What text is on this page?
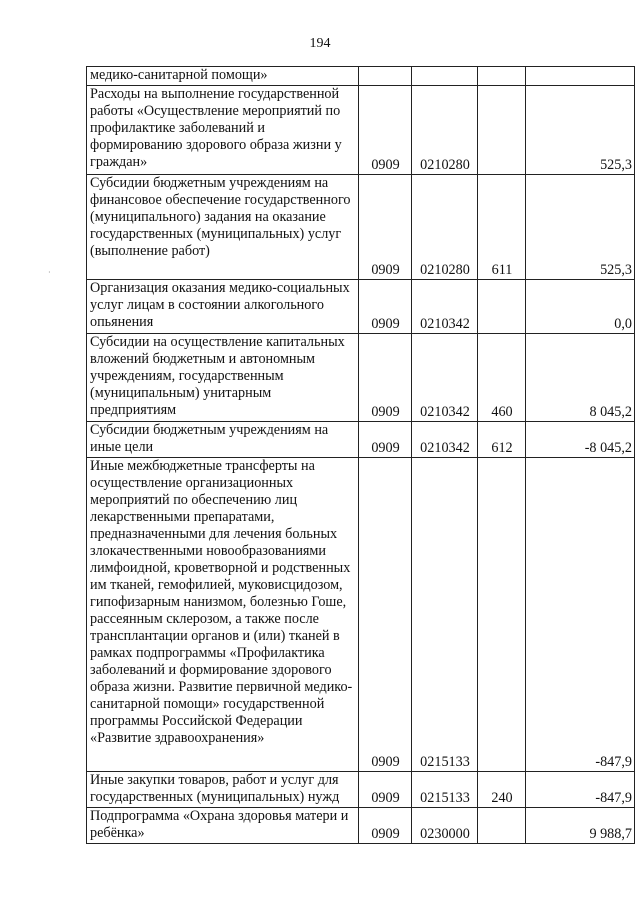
194
·
медико-санитарной помощи»				
Расходы на выполнение государственной работы «Осуществление мероприятий по профилактике заболеваний и формированию здорового образа жизни у граждан»	0909	0210280		525,3
Субсидии бюджетным учреждениям на финансовое обеспечение государственного (муниципального) задания на оказание государственных (муниципальных) услуг (выполнение работ)	0909	0210280	611	525,3
Организация оказания медико-социальных услуг лицам в состоянии алкогольного опьянения	0909	0210342		0,0
Субсидии на осуществление капитальных вложений бюджетным и автономным учреждениям, государственным (муниципальным) унитарным предприятиям	0909	0210342	460	8 045,2
Субсидии бюджетным учреждениям на иные цели	0909	0210342	612	-8 045,2
Иные межбюджетные трансферты на осуществление организационных мероприятий по обеспечению лиц лекарственными препаратами, предназначенными для лечения больных злокачественными новообразованиями лимфоидной, кроветворной и родственных им тканей, гемофилией, муковисцидозом, гипофизарным нанизмом, болезнью Гоше, рассеянным склерозом, а также после трансплантации органов и (или) тканей в рамках подпрограммы «Профилактика заболеваний и формирование здорового образа жизни. Развитие первичной медико-санитарной помощи» государственной программы Российской Федерации «Развитие здравоохранения»	0909	0215133		-847,9
Иные закупки товаров, работ и услуг для государственных (муниципальных) нужд	0909	0215133	240	-847,9
Подпрограмма «Охрана здоровья матери и ребёнка»	0909	0230000		9 988,7
